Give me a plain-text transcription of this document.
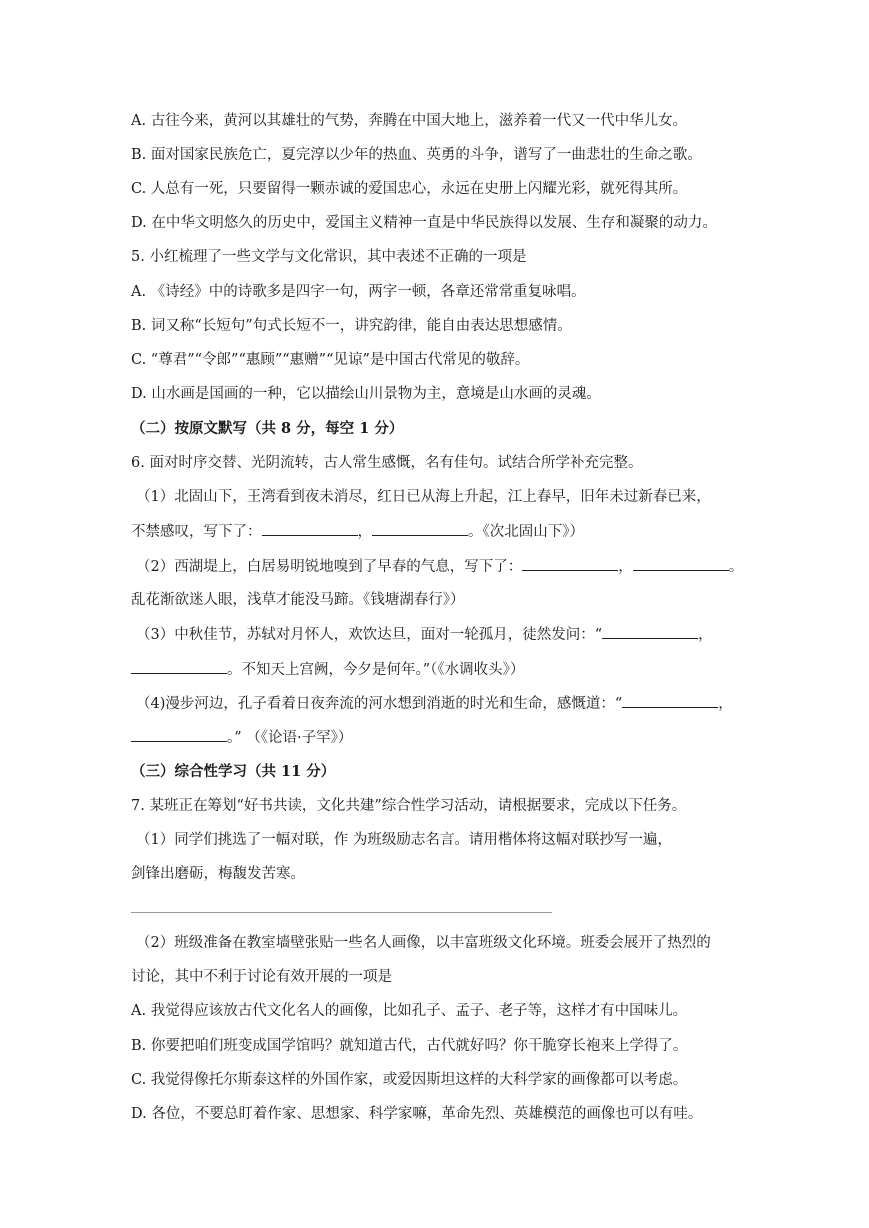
A. 古往今来，黄河以其雄壮的气势，奔腾在中国大地上，滋养着一代又一代中华儿女。
B. 面对国家民族危亡，夏完淳以少年的热血、英勇的斗争，谱写了一曲悲壮的生命之歌。
C. 人总有一死，只要留得一颗赤诚的爱国忠心，永远在史册上闪耀光彩，就死得其所。
D. 在中华文明悠久的历史中，爱国主义精神一直是中华民族得以发展、生存和凝聚的动力。
5. 小红梳理了一些文学与文化常识，其中表述不正确的一项是
A. 《诗经》中的诗歌多是四字一句，两字一顿，各章还常常重复咏唱。
B. 词又称“长短句”句式长短不一，讲究韵律，能自由表达思想感情。
C. “尊君”“令郎”“惠顾”“惠赠”“见谅”是中国古代常见的敬辞。
D. 山水画是国画的一种，它以描绘山川景物为主，意境是山水画的灵魂。
（二）按原文默写（共 8 分，每空 1 分）
6. 面对时序交替、光阴流转，古人常生感慨，名有佳句。试结合所学补充完整。
（1）北固山下，王湾看到夜未消尽，红日已从海上升起，江上春早，旧年未过新春已来，
不禁感叹，写下了：	，	。《次北固山下》）
（2）西湖堤上，白居易明锐地嗅到了早春的气息，写下了：	，	。
乱花渐欲迷人眼，浅草才能没马蹄。《钱塘湖春行》）
（3）中秋佳节，苏轼对月怀人，欢饮达旦，面对一轮孤月，徒然发问：“	，
。不知天上宫阙，今夕是何年。”（《水调收头》）
（4)漫步河边，孔子看着日夜奔流的河水想到消逝的时光和生命，感慨道：“	，
。” （《论语·子罕》）
（三）综合性学习（共 11 分）
7. 某班正在筹划“好书共读，文化共建”综合性学习活动，请根据要求，完成以下任务。
（1）同学们挑选了一幅对联，作 为班级励志名言。请用楷体将这幅对联抄写一遍，
剑锋出磨砺，梅馥发苦寒。
（2）班级准备在教室墙壁张贴一些名人画像，以丰富班级文化环境。班委会展开了热烈的
讨论，其中不利于讨论有效开展的一项是
A. 我觉得应该放古代文化名人的画像，比如孔子、孟子、老子等，这样才有中国味儿。
B. 你要把咱们班变成国学馆吗？就知道古代，古代就好吗？你干脆穿长袍来上学得了。
C. 我觉得像托尔斯泰这样的外国作家，或爱因斯坦这样的大科学家的画像都可以考虑。
D. 各位，不要总盯着作家、思想家、科学家嘛，革命先烈、英雄模范的画像也可以有哇。
